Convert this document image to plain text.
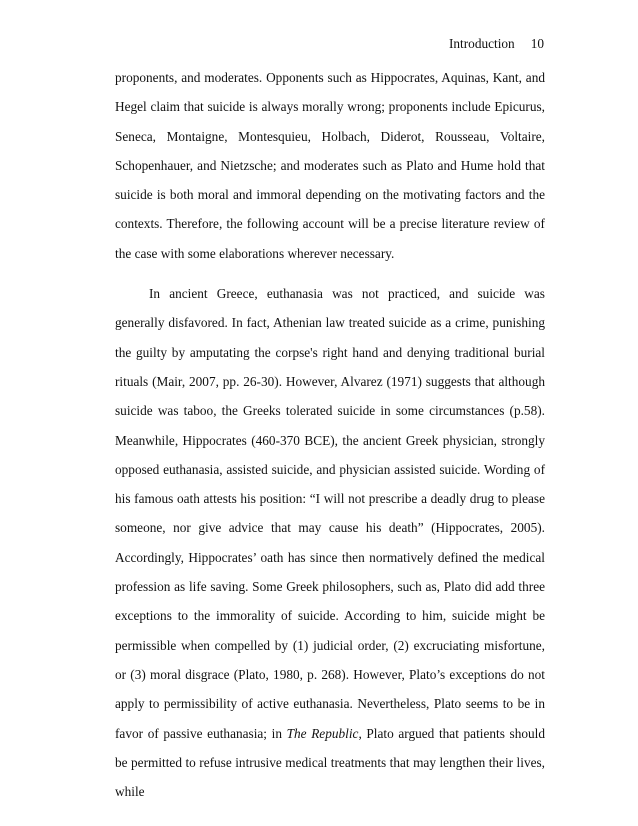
Introduction 10

proponents, and moderates. Opponents such as Hippocrates, Aquinas, Kant, and Hegel claim that suicide is always morally wrong; proponents include Epicurus, Seneca, Montaigne, Montesquieu, Holbach, Diderot, Rousseau, Voltaire, Schopenhauer, and Nietzsche; and moderates such as Plato and Hume hold that suicide is both moral and immoral depending on the motivating factors and the contexts. Therefore, the following account will be a precise literature review of the case with some elaborations wherever necessary.

In ancient Greece, euthanasia was not practiced, and suicide was generally disfavored. In fact, Athenian law treated suicide as a crime, punishing the guilty by amputating the corpse's right hand and denying traditional burial rituals (Mair, 2007, pp. 26-30). However, Alvarez (1971) suggests that although suicide was taboo, the Greeks tolerated suicide in some circumstances (p.58). Meanwhile, Hippocrates (460-370 BCE), the ancient Greek physician, strongly opposed euthanasia, assisted suicide, and physician assisted suicide. Wording of his famous oath attests his position: “I will not prescribe a deadly drug to please someone, nor give advice that may cause his death” (Hippocrates, 2005). Accordingly, Hippocrates’ oath has since then normatively defined the medical profession as life saving. Some Greek philosophers, such as, Plato did add three exceptions to the immorality of suicide. According to him, suicide might be permissible when compelled by (1) judicial order, (2) excruciating misfortune, or (3) moral disgrace (Plato, 1980, p. 268). However, Plato’s exceptions do not apply to permissibility of active euthanasia. Nevertheless, Plato seems to be in favor of passive euthanasia; in The Republic, Plato argued that patients should be permitted to refuse intrusive medical treatments that may lengthen their lives, while
